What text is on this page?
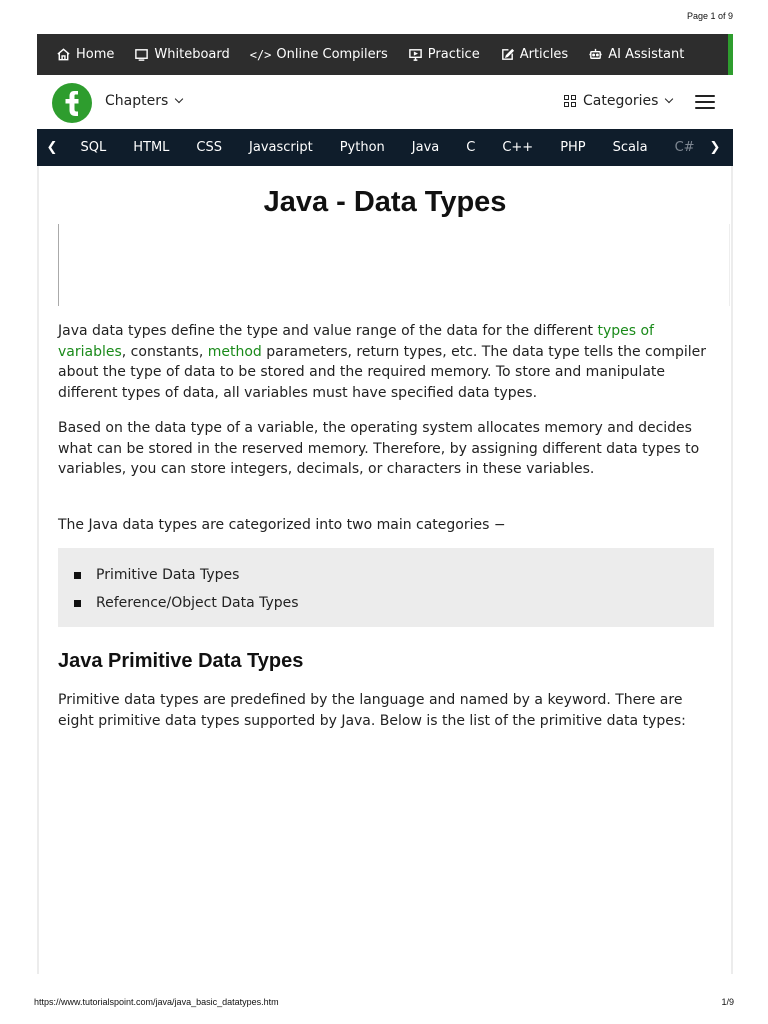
Page 1 of 9
Home	Whiteboard </> Online Compilers	Practice	Articles	AI Assistant
Chapters	Categories
❮	SQL	HTML	CSS	Javascript	Python	Java	C	C++	PHP	Scala	C#	❯
Java - Data Types

Java data types define the type and value range of the data for the different types of variables, constants, method parameters, return types, etc. The data type tells the compiler about the type of data to be stored and the required memory. To store and manipulate different types of data, all variables must have specified data types.

Based on the data type of a variable, the operating system allocates memory and decides what can be stored in the reserved memory. Therefore, by assigning different data types to variables, you can store integers, decimals, or characters in these variables.

The Java data types are categorized into two main categories −

Primitive Data Types
Reference/Object Data Types
Java Primitive Data Types

Primitive data types are predefined by the language and named by a keyword. There are eight primitive data types supported by Java. Below is the list of the primitive data types:

https://www.tutorialspoint.com/java/java_basic_datatypes.htm	1/9
